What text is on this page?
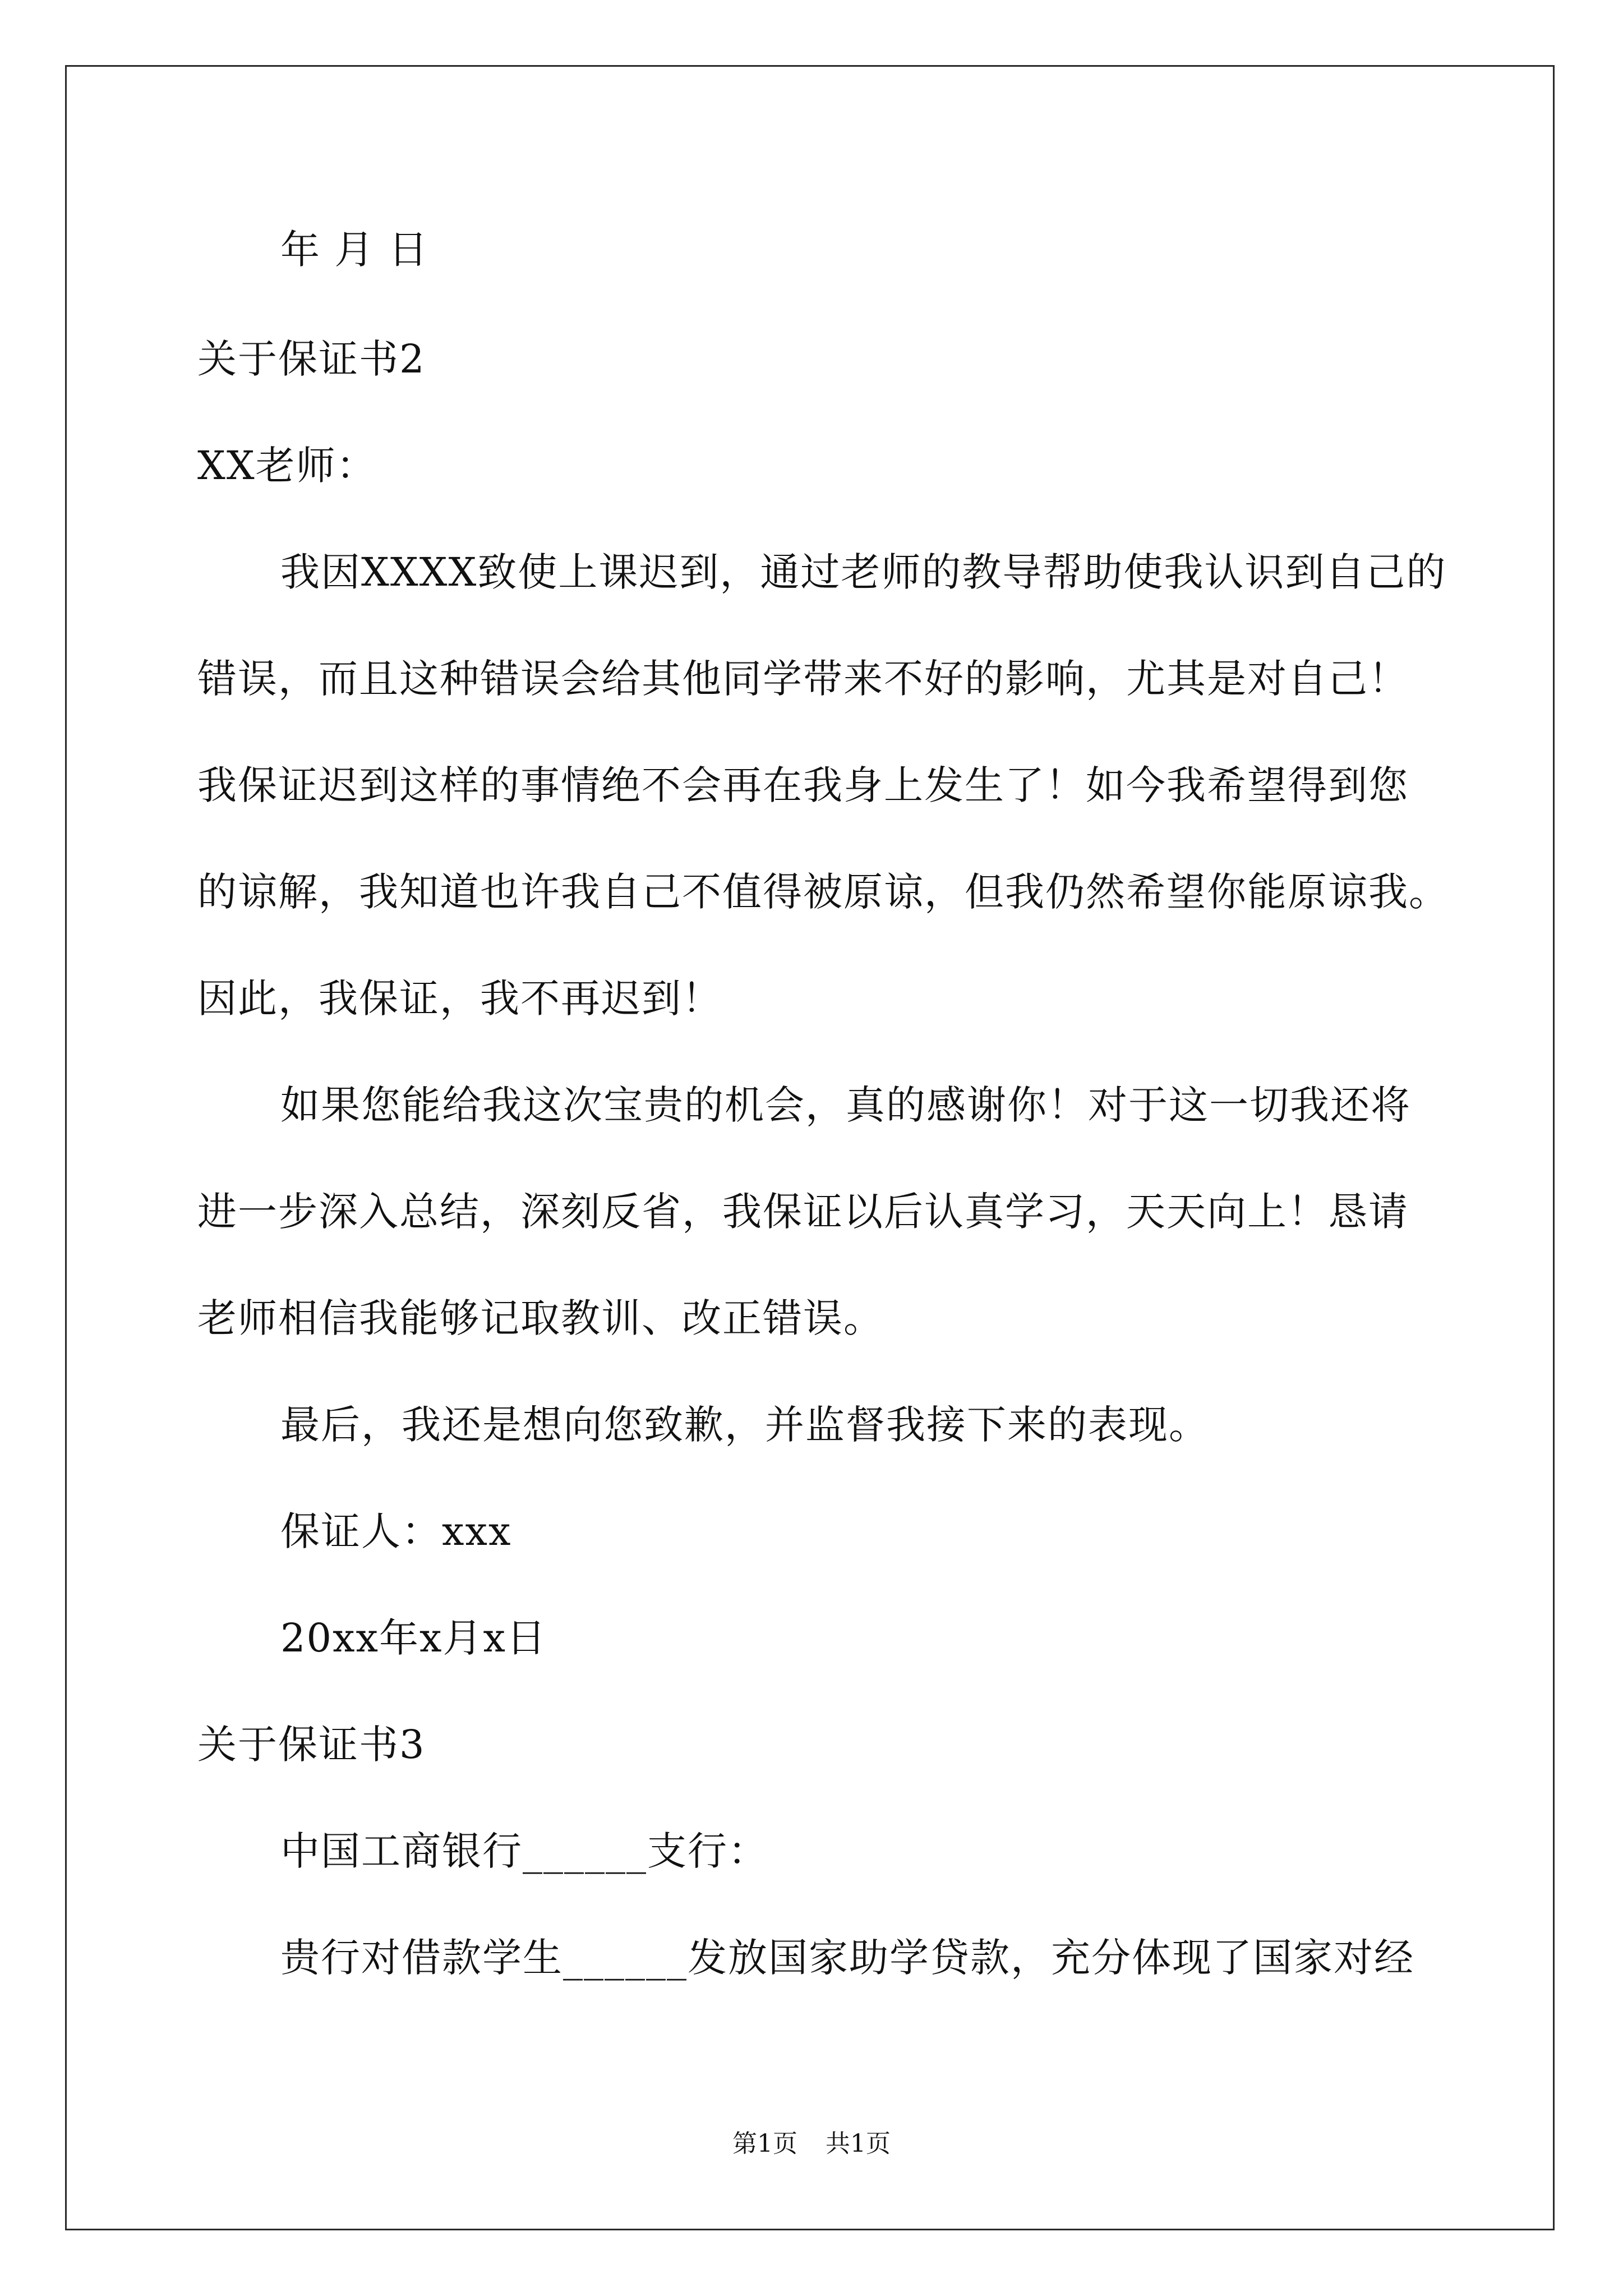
年 月 日
关于保证书2
XX老师：
我因XXXX致使上课迟到，通过老师的教导帮助使我认识到自己的
错误，而且这种错误会给其他同学带来不好的影响，尤其是对自己！
我保证迟到这样的事情绝不会再在我身上发生了！如今我希望得到您
的谅解，我知道也许我自己不值得被原谅，但我仍然希望你能原谅我。
因此，我保证，我不再迟到！
如果您能给我这次宝贵的机会，真的感谢你！对于这一切我还将
进一步深入总结，深刻反省，我保证以后认真学习，天天向上！恳请
老师相信我能够记取教训、改正错误。
最后，我还是想向您致歉，并监督我接下来的表现。
保证人：xxx
20xx年x月x日
关于保证书3
中国工商银行______支行：
贵行对借款学生______发放国家助学贷款，充分体现了国家对经
第1页 共1页
